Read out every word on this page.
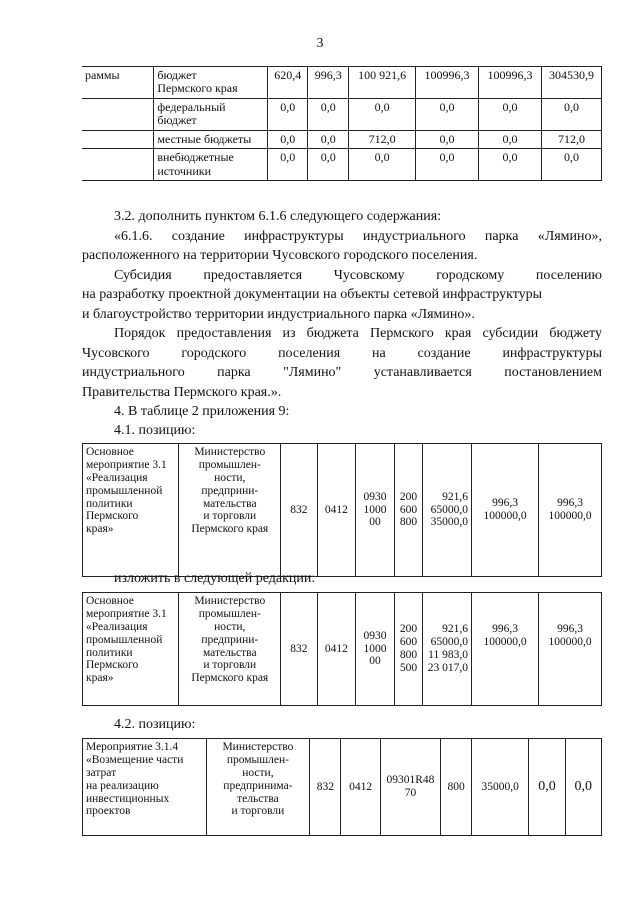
3
раммы	бюджет
Пермского края	620,4	996,3	100 921,6	100996,3	100996,3	304530,9
	федеральный
бюджет	0,0	0,0	0,0	0,0	0,0	0,0
	местные бюджеты	0,0	0,0	712,0	0,0	0,0	712,0
	внебюджетные
источники	0,0	0,0	0,0	0,0	0,0	0,0

3.2. дополнить пунктом 6.1.6 следующего содержания:

«6.1.6. создание инфраструктуры индустриального парка «Лямино»,

расположенного на территории Чусовского городского поселения.

Субсидия предоставляется Чусовскому городскому поселению

на разработку проектной документации на объекты сетевой инфраструктуры

и благоустройство территории индустриального парка «Лямино».

Порядок предоставления из бюджета Пермского края субсидии бюджету

Чусовского городского поселения на создание инфраструктуры

индустриального парка "Лямино" устанавливается постановлением

Правительства Пермского края.».

4. В таблице 2 приложения 9:

4.1. позицию:

Основное
мероприятие 3.1
«Реализация
промышленной
политики
Пермского
края»	Министерство
промышлен-
ности,
предприни-
мательства
и торговли
Пермского края	832	0412	0930
1000
00	200
600
800	921,6
65000,0
35000,0	996,3
100000,0	996,3
100000,0

изложить в следующей редакции:

Основное
мероприятие 3.1
«Реализация
промышленной
политики
Пермского
края»	Министерство
промышлен-
ности,
предприни-
мательства
и торговли
Пермского края	832	0412	0930
1000
00	200
600
800
500	921,6
65000,0
11 983,0
23 017,0	996,3
100000,0	996,3
100000,0

4.2. позицию:

Мероприятие 3.1.4
«Возмещение части
затрат
на реализацию
инвестиционных
проектов	Министерство
промышлен-
ности,
предпринима-
тельства
и торговли	832	0412	09301R48
70	800	35000,0	0,0	0,0
